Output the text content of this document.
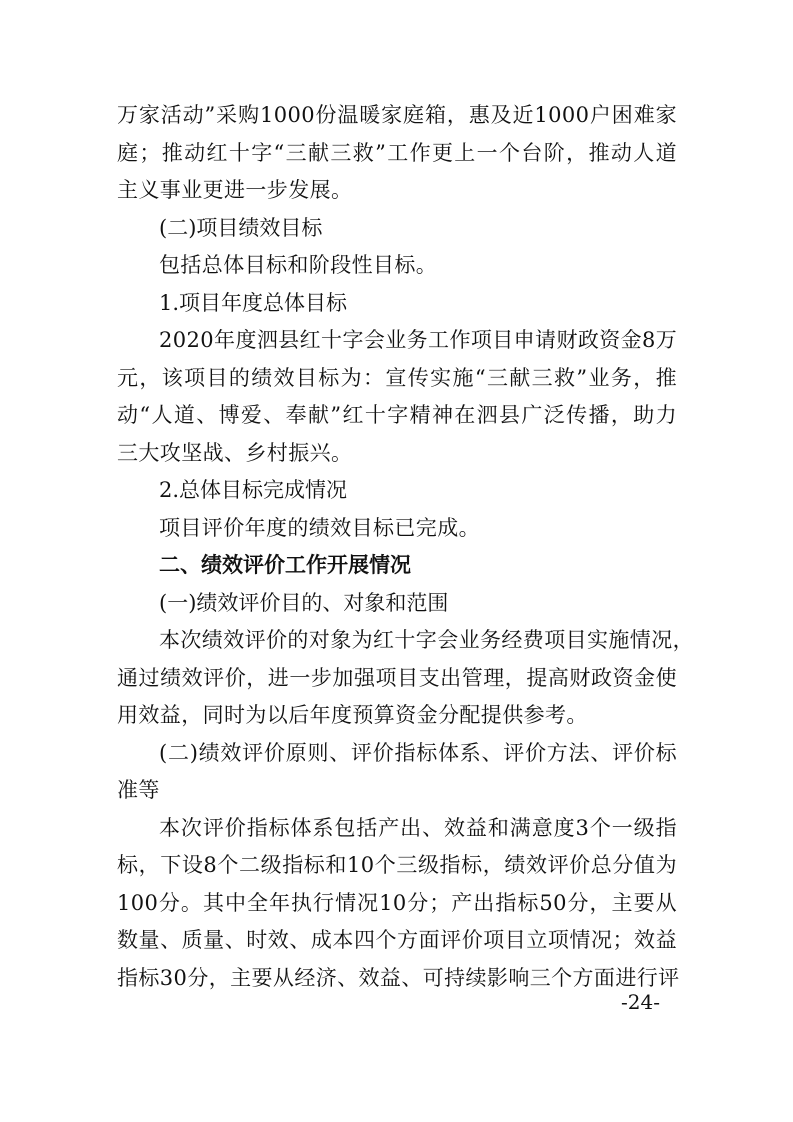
万家活动”采购1000份温暖家庭箱，惠及近1000户困难家

庭；推动红十字“三献三救”工作更上一个台阶，推动人道

主义事业更进一步发展。

(二)项目绩效目标

包括总体目标和阶段性目标。

1.项目年度总体目标

2020年度泗县红十字会业务工作项目申请财政资金8万

元，该项目的绩效目标为：宣传实施“三献三救”业务，推

动“人道、博爱、奉献”红十字精神在泗县广泛传播，助力

三大攻坚战、乡村振兴。

2.总体目标完成情况

项目评价年度的绩效目标已完成。

二、绩效评价工作开展情况

(一)绩效评价目的、对象和范围

本次绩效评价的对象为红十字会业务经费项目实施情况，

通过绩效评价，进一步加强项目支出管理，提高财政资金使

用效益，同时为以后年度预算资金分配提供参考。

(二)绩效评价原则、评价指标体系、评价方法、评价标

准等

本次评价指标体系包括产出、效益和满意度3个一级指

标，下设8个二级指标和10个三级指标，绩效评价总分值为

100分。其中全年执行情况10分；产出指标50分，主要从

数量、质量、时效、成本四个方面评价项目立项情况；效益

指标30分，主要从经济、效益、可持续影响三个方面进行评

-24-
